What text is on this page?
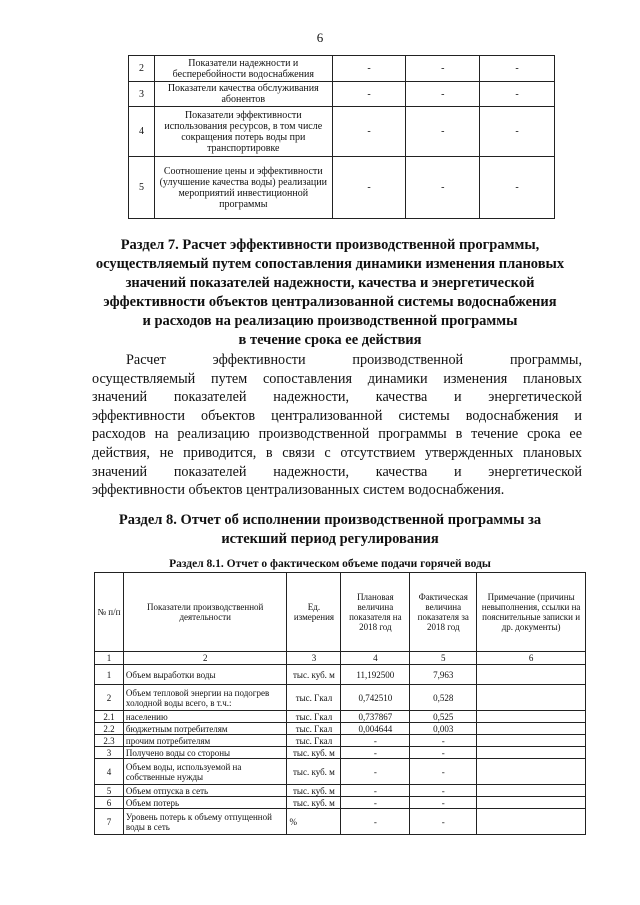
6
2	Показатели надежности и бесперебойности водоснабжения	-	-	-
3	Показатели качества обслуживания абонентов	-	-	-
4	Показатели эффективности использования ресурсов, в том числе сокращения потерь воды при транспортировке	-	-	-
5	Соотношение цены и эффективности (улучшение качества воды) реализации мероприятий инвестиционной программы	-	-	-
Раздел 7. Расчет эффективности производственной программы,
осуществляемый путем сопоставления динамики изменения плановых
значений показателей надежности, качества и энергетической
эффективности объектов централизованной системы водоснабжения
и расходов на реализацию производственной программы
в течение срока ее действия
Расчет эффективности производственной программы,
осуществляемый путем сопоставления динамики изменения плановых
значений показателей надежности, качества и энергетической
эффективности объектов централизованной системы водоснабжения и
расходов на реализацию производственной программы в течение срока ее
действия, не приводится, в связи с отсутствием утвержденных плановых
значений показателей надежности, качества и энергетической
эффективности объектов централизованных систем водоснабжения.
Раздел 8. Отчет об исполнении производственной программы за
истекший период регулирования
Раздел 8.1. Отчет о фактическом объеме подачи горячей воды
№ п/п	Показатели производственной деятельности	Ед. измерения	Плановая величина показателя на 2018 год	Фактическая величина показателя за 2018 год	Примечание (причины невыполнения, ссылки на пояснительные записки и др. документы)
1	2	3	4	5	6
1	Объем выработки воды	тыс. куб. м	11,192500	7,963	
2	Объем тепловой энергии на подогрев холодной воды всего, в т.ч.:	тыс. Гкал	0,742510	0,528	
2.1	населению	тыс. Гкал	0,737867	0,525	
2.2	бюджетным потребителям	тыс. Гкал	0,004644	0,003	
2.3	прочим потребителям	тыс. Гкал	-	-	
3	Получено воды со стороны	тыс. куб. м	-	-	
4	Объем воды, используемой на собственные нужды	тыс. куб. м	-	-	
5	Объем отпуска в сеть	тыс. куб. м	-	-	
6	Объем потерь	тыс. куб. м	-	-	
7	Уровень потерь к объему отпущенной воды в сеть	%	-	-	
